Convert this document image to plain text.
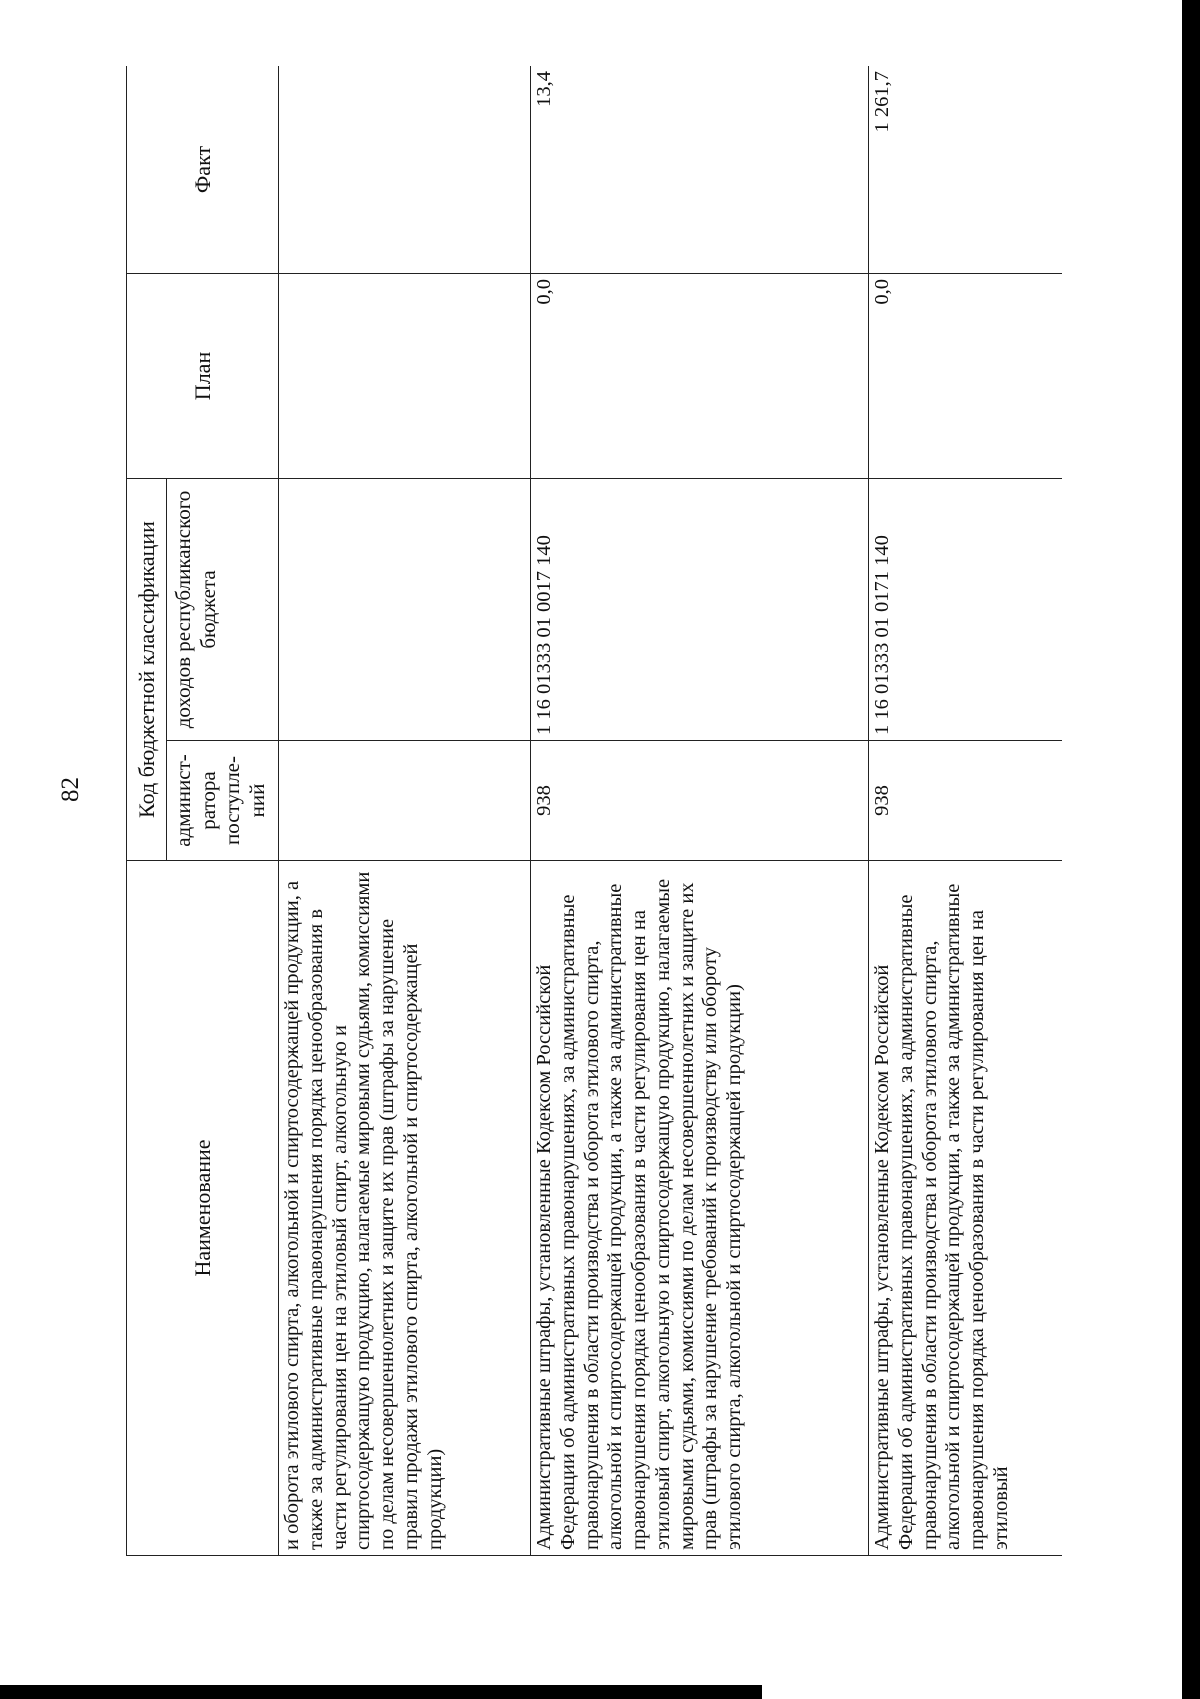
82
Наименование	Код бюджетной классификации		План	Факт
	админист-ратора поступле-ний	доходов республиканского бюджета		
и оборота этилового спирта, алкогольной и спиртосодержащей продукции, а также за административные правонарушения порядка ценообразования в части регулирования цен на этиловый спирт, алкогольную и спиртосодержащую продукцию, налагаемые мировыми судьями, комиссиями по делам несовершеннолетних и защите их прав (штрафы за нарушение правил продажи этилового спирта, алкогольной и спиртосодержащей продукции)				
Административные штрафы, установленные Кодексом Российской Федерации об административных правонарушениях, за административные правонарушения в области производства и оборота этилового спирта, алкогольной и спиртосодержащей продукции, а также за административные правонарушения порядка ценообразования в части регулирования цен на этиловый спирт, алкогольную и спиртосодержащую продукцию, налагаемые мировыми судьями, комиссиями по делам несовершеннолетних и защите их прав (штрафы за нарушение требований к производству или обороту этилового спирта, алкогольной и спиртосодержащей продукции)	938	1 16 01333 01 0017 140	0,0	13,4
Административные штрафы, установленные Кодексом Российской Федерации об административных правонарушениях, за административные правонарушения в области производства и оборота этилового спирта, алкогольной и спиртосодержащей продукции, а также за административные правонарушения порядка ценообразования в части регулирования цен на этиловый	938	1 16 01333 01 0171 140	0,0	1 261,7
